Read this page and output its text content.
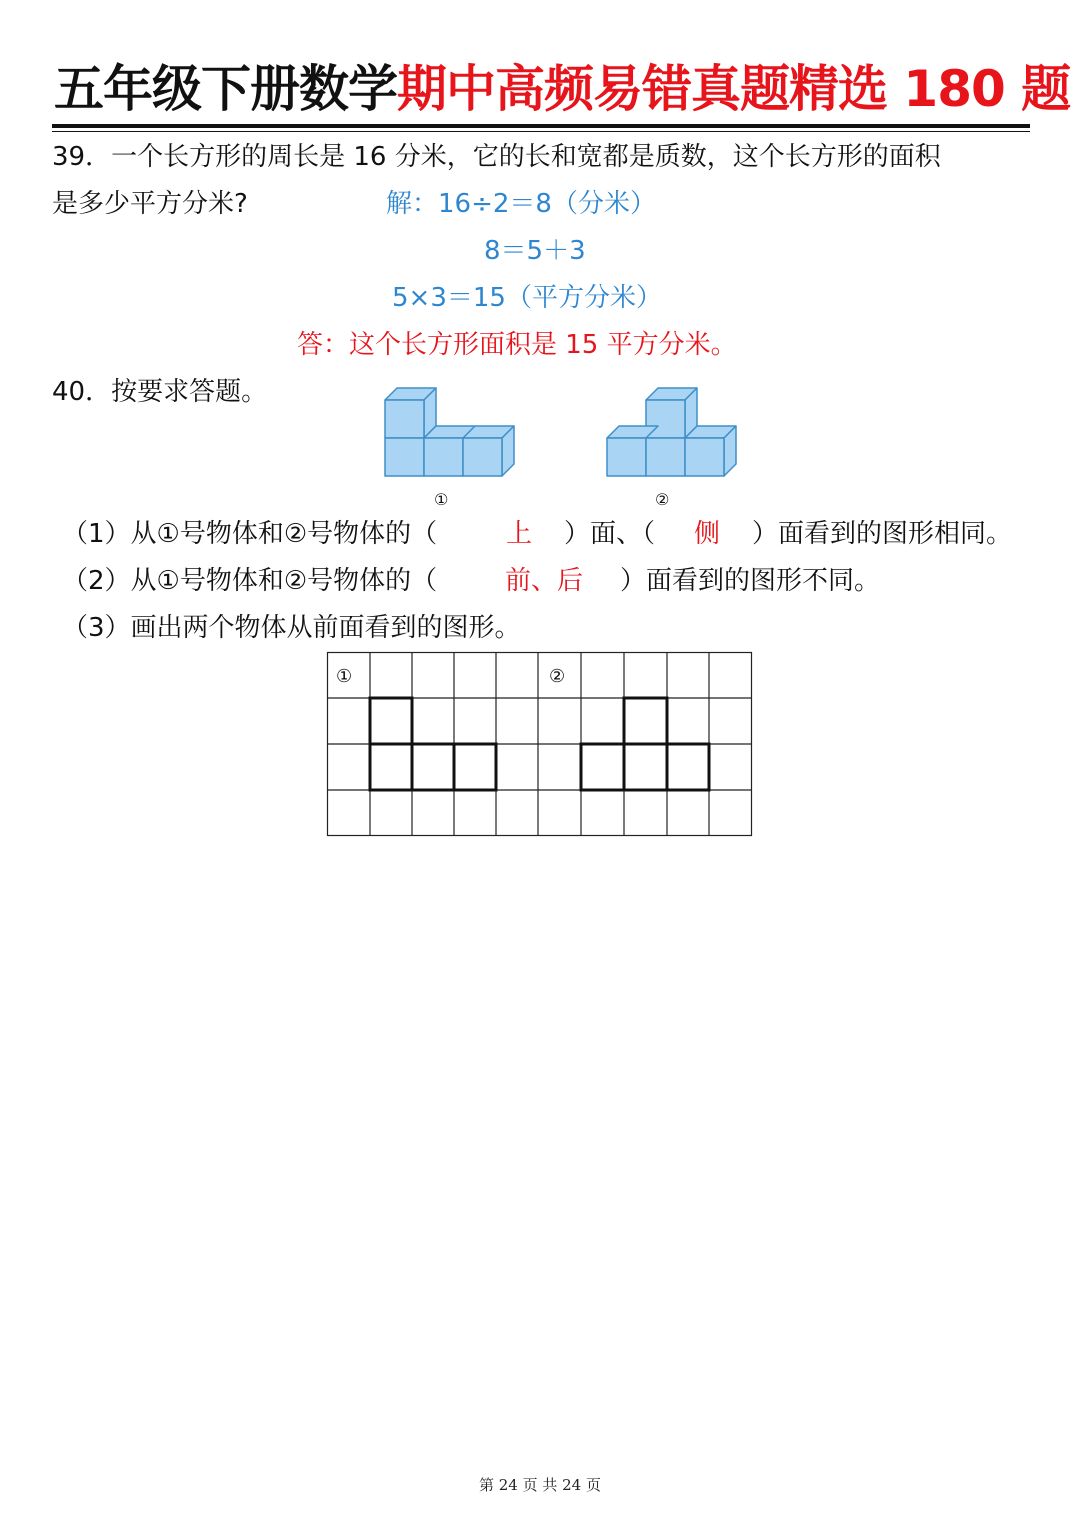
五年级下册数学期中高频易错真题精选 180 题
39．一个长方形的周长是 16 分米，它的长和宽都是质数，这个长方形的面积
是多少平方分米?	解：16÷2＝8（分米）
8＝5＋3
5×3＝15（平方分米）
答：这个长方形面积是 15 平方分米。
40．按要求答题。
①	②
（1）从①号物体和②号物体的（	上 ）面、（ 侧 ）面看到的图形相同。
（2）从①号物体和②号物体的（	前、后 ）面看到的图形不同。
（3）画出两个物体从前面看到的图形。
①	②
第 24 页 共 24 页
